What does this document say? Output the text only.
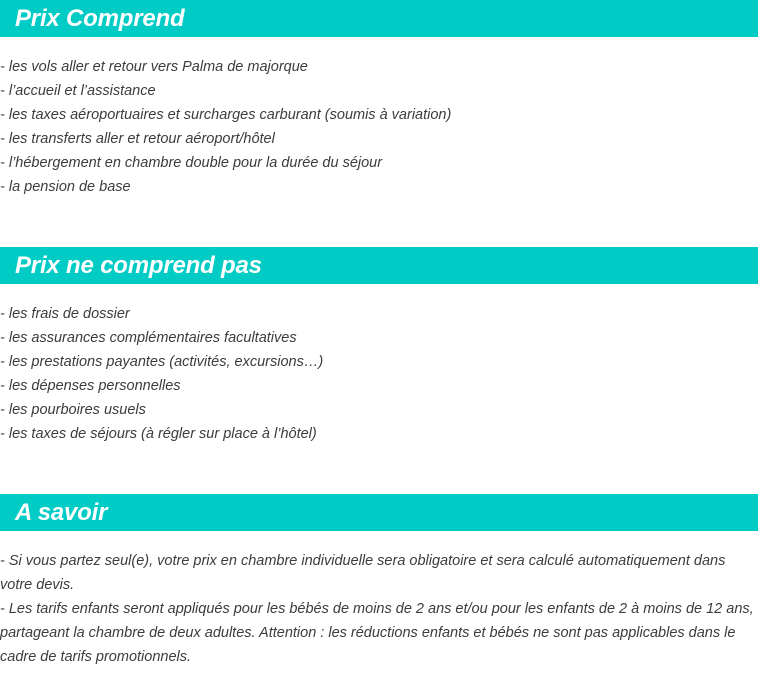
Prix Comprend
- les vols aller et retour vers Palma de majorque
- l’accueil et l’assistance
- les taxes aéroportuaires et surcharges carburant (soumis à variation)
- les transferts aller et retour aéroport/hôtel
- l’hébergement en chambre double pour la durée du séjour
- la pension de base
Prix ne comprend pas
- les frais de dossier
- les assurances complémentaires facultatives
- les prestations payantes (activités, excursions…)
- les dépenses personnelles
- les pourboires usuels
- les taxes de séjours (à régler sur place à l’hôtel)
A savoir

- Si vous partez seul(e), votre prix en chambre individuelle sera obligatoire et sera calculé automatiquement dans votre devis.

- Les tarifs enfants seront appliqués pour les bébés de moins de 2 ans et/ou pour les enfants de 2 à moins de 12 ans, partageant la chambre de deux adultes. Attention : les réductions enfants et bébés ne sont pas applicables dans le cadre de tarifs promotionnels.
